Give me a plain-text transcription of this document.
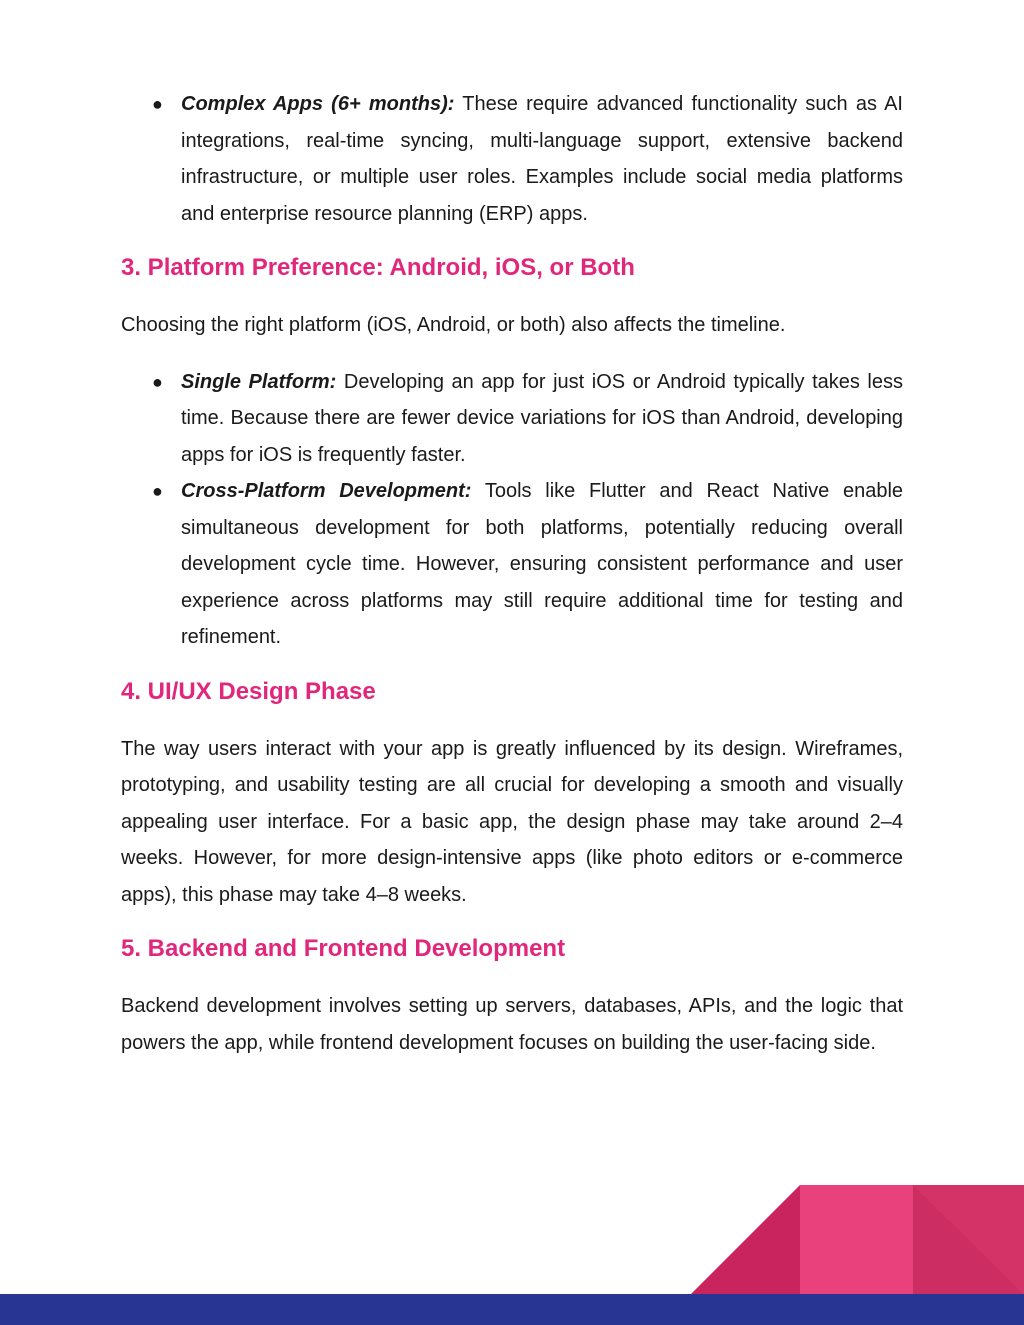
● Complex Apps (6+ months): These require advanced functionality such as AI integrations, real-time syncing, multi-language support, extensive backend infrastructure, or multiple user roles. Examples include social media platforms and enterprise resource planning (ERP) apps.
3. Platform Preference: Android, iOS, or Both

Choosing the right platform (iOS, Android, or both) also affects the timeline.

● Single Platform: Developing an app for just iOS or Android typically takes less time. Because there are fewer device variations for iOS than Android, developing apps for iOS is frequently faster.
● Cross-Platform Development: Tools like Flutter and React Native enable simultaneous development for both platforms, potentially reducing overall development cycle time. However, ensuring consistent performance and user experience across platforms may still require additional time for testing and refinement.
4. UI/UX Design Phase

The way users interact with your app is greatly influenced by its design. Wireframes, prototyping, and usability testing are all crucial for developing a smooth and visually appealing user interface. For a basic app, the design phase may take around 2–4 weeks. However, for more design-intensive apps (like photo editors or e-commerce apps), this phase may take 4–8 weeks.

5. Backend and Frontend Development

Backend development involves setting up servers, databases, APIs, and the logic that powers the app, while frontend development focuses on building the user-facing side.
